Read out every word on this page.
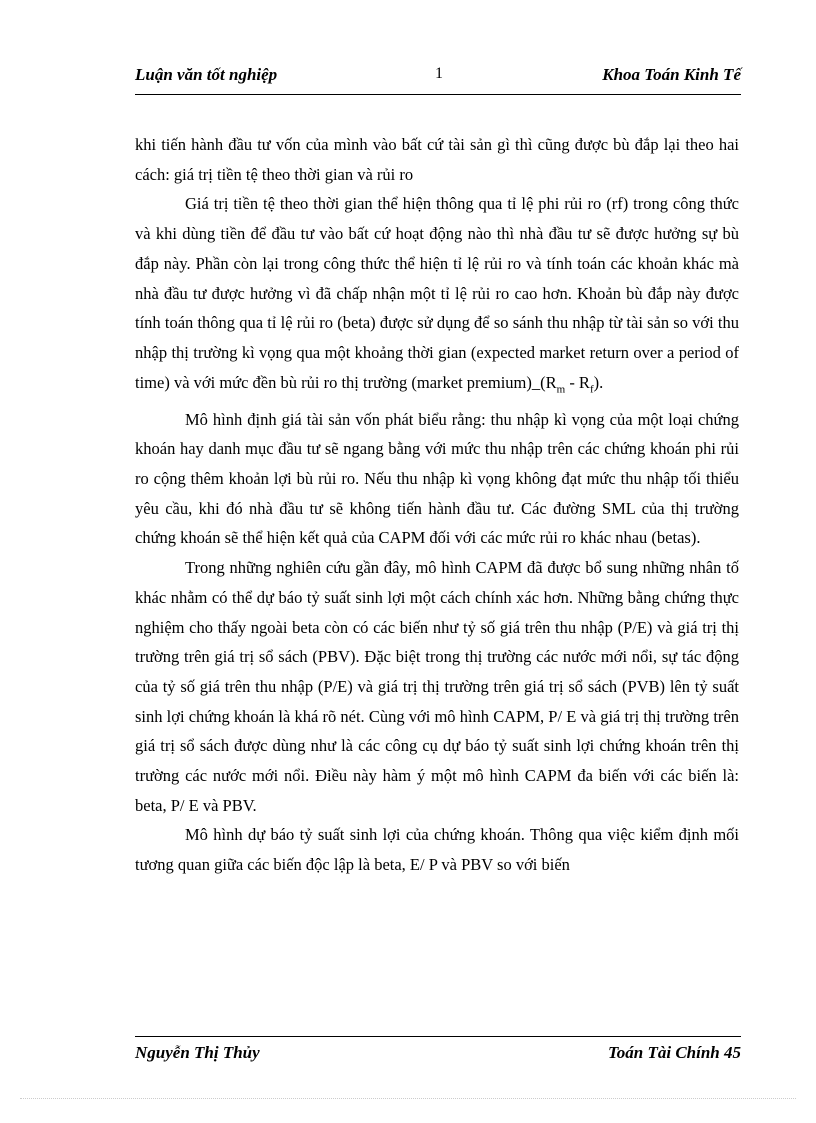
Luận văn tốt nghiệp	1	Khoa Toán Kinh Tế

khi tiến hành đầu tư vốn của mình vào bất cứ tài sản gì thì cũng được bù đắp lại theo hai cách: giá trị tiền tệ theo thời gian và rủi ro

Giá trị tiền tệ theo thời gian thể hiện thông qua tỉ lệ phi rủi ro (rf) trong công thức và khi dùng tiền để đầu tư vào bất cứ hoạt động nào thì nhà đầu tư sẽ được hưởng sự bù đắp này. Phần còn lại trong công thức thể hiện tỉ lệ rủi ro và tính toán các khoản khác mà nhà đầu tư được hưởng vì đã chấp nhận một tỉ lệ rủi ro cao hơn. Khoản bù đắp này được tính toán thông qua tỉ lệ rủi ro (beta) được sử dụng để so sánh thu nhập từ tài sản so với thu nhập thị trường kì vọng qua một khoảng thời gian (expected market return over a period of time) và với mức đền bù rủi ro thị trường (market $premium)\_(R_m - R_f)$.

Mô hình định giá tài sản vốn phát biểu rằng: thu nhập kì vọng của một loại chứng khoán hay danh mục đầu tư sẽ ngang bằng với mức thu nhập trên các chứng khoán phi rủi ro cộng thêm khoản lợi bù rủi ro. Nếu thu nhập kì vọng không đạt mức thu nhập tối thiểu yêu cầu, khi đó nhà đầu tư sẽ không tiến hành đầu tư. Các đường SML của thị trường chứng khoán sẽ thể hiện kết quả của CAPM đối với các mức rủi ro khác nhau (betas).

Trong những nghiên cứu gần đây, mô hình CAPM đã được bổ sung những nhân tố khác nhằm có thể dự báo tỷ suất sinh lợi một cách chính xác hơn. Những bằng chứng thực nghiệm cho thấy ngoài beta còn có các biến như tỷ số giá trên thu nhập (P/E) và giá trị thị trường trên giá trị sổ sách (PBV). Đặc biệt trong thị trường các nước mới nổi, sự tác động của tỷ số giá trên thu nhập (P/E) và giá trị thị trường trên giá trị sổ sách (PVB) lên tỷ suất sinh lợi chứng khoán là khá rõ nét. Cùng với mô hình CAPM, P/ E và giá trị thị trường trên giá trị sổ sách được dùng như là các công cụ dự báo tỷ suất sinh lợi chứng khoán trên thị trường các nước mới nổi. Điều này hàm ý một mô hình CAPM đa biến với các biến là: beta, P/ E và PBV.

Mô hình dự báo tỷ suất sinh lợi của chứng khoán. Thông qua việc kiểm định mối tương quan giữa các biến độc lập là beta, E/ P và PBV so với biến

Nguyễn Thị Thủy	Toán Tài Chính 45
